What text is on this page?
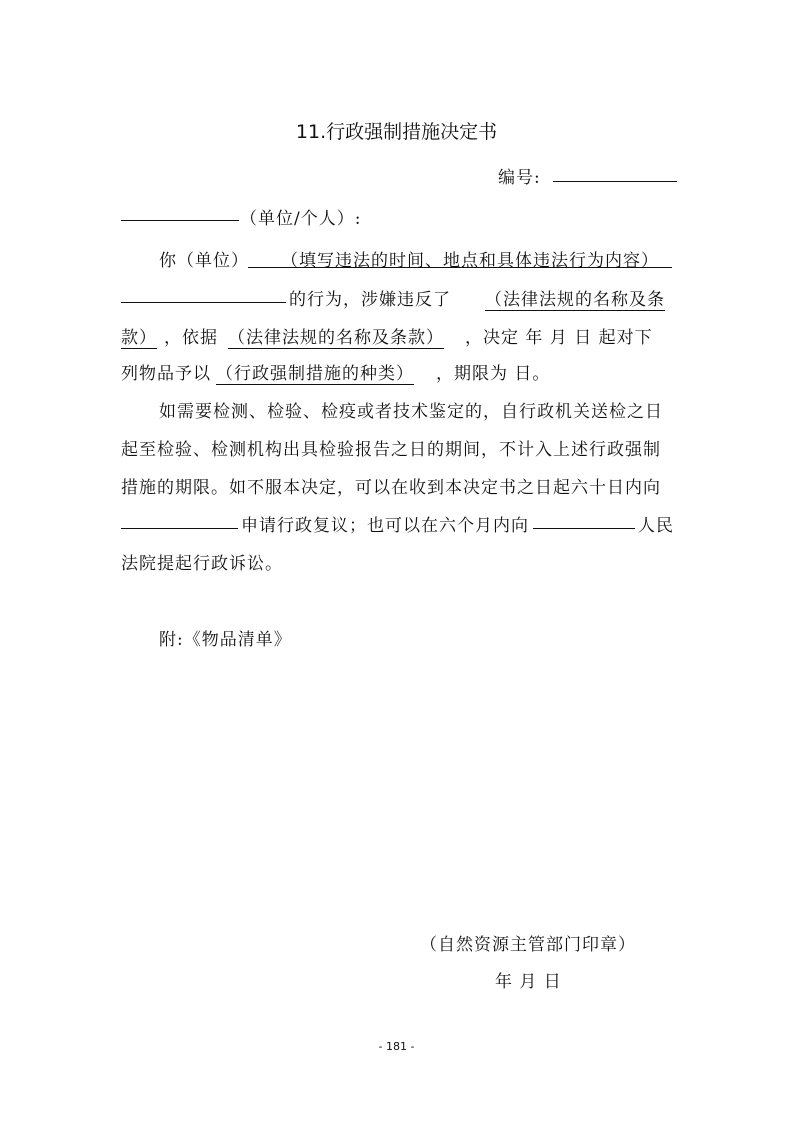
11.行政强制措施决定书
编号:
（单位/个人）:
你（单位） （填写违法的时间、地点和具体违法行为内容）
的行为，涉嫌违反了 （法律法规的名称及条
款） ，依据 （法律法规的名称及条款） ，决定 年 月 日 起对下
列物品予以 （行政强制措施的种类） ，期限为 日。
如需要检测、检验、检疫或者技术鉴定的，自行政机关送检之日
起至检验、检测机构出具检验报告之日的期间，不计入上述行政强制
措施的期限。如不服本决定，可以在收到本决定书之日起六十日内向
申请行政复议；也可以在六个月内向	人民
法院提起行政诉讼。
附:《物品清单》
（自然资源主管部门印章）
年 月 日
- 181 -
